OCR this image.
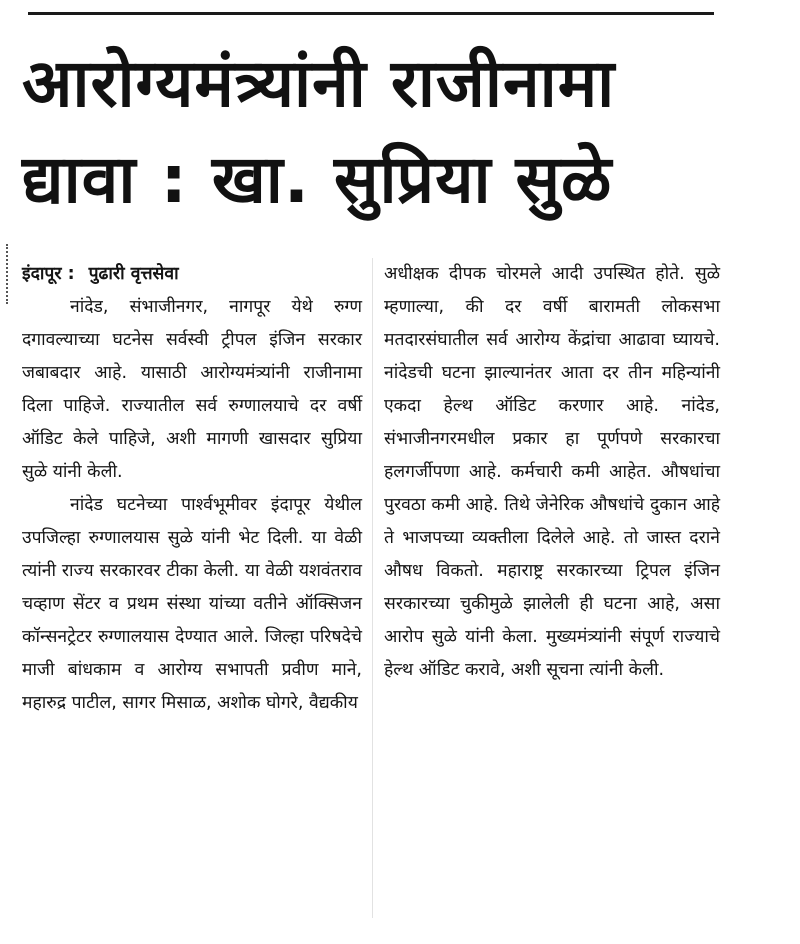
आरोग्यमंत्र्यांनी राजीनामा द्यावा : खा. सुप्रिया सुळे

इंदापूर : पुढारी वृत्तसेवा

नांदेड, संभाजीनगर, नागपूर येथे रुग्ण दगावल्याच्या घटनेस सर्वस्वी ट्रीपल इंजिन सरकार जबाबदार आहे. यासाठी आरोग्यमंत्र्यांनी राजीनामा दिला पाहिजे. राज्यातील सर्व रुग्णालयाचे दर वर्षी ऑडिट केले पाहिजे, अशी मागणी खासदार सुप्रिया सुळे यांनी केली.

नांदेड घटनेच्या पार्श्वभूमीवर इंदापूर येथील उपजिल्हा रुग्णालयास सुळे यांनी भेट दिली. या वेळी त्यांनी राज्य सरकारवर टीका केली. या वेळी यशवंतराव चव्हाण सेंटर व प्रथम संस्था यांच्या वतीने ऑक्सिजन कॉन्सनट्रेटर रुग्णालयास देण्यात आले. जिल्हा परिषदेचे माजी बांधकाम व आरोग्य सभापती प्रवीण माने, महारुद्र पाटील, सागर मिसाळ, अशोक घोगरे, वैद्यकीय

अधीक्षक दीपक चोरमले आदी उपस्थित होते. सुळे म्हणाल्या, की दर वर्षी बारामती लोकसभा मतदारसंघातील सर्व आरोग्य केंद्रांचा आढावा घ्यायचे. नांदेडची घटना झाल्यानंतर आता दर तीन महिन्यांनी एकदा हेल्थ ऑडिट करणार आहे. नांदेड, संभाजीनगरमधील प्रकार हा पूर्णपणे सरकारचा हलगर्जीपणा आहे. कर्मचारी कमी आहेत. औषधांचा पुरवठा कमी आहे. तिथे जेनेरिक औषधांचे दुकान आहे ते भाजपच्या व्यक्तीला दिलेले आहे. तो जास्त दराने औषध विकतो. महाराष्ट्र सरकारच्या ट्रिपल इंजिन सरकारच्या चुकीमुळे झालेली ही घटना आहे, असा आरोप सुळे यांनी केला. मुख्यमंत्र्यांनी संपूर्ण राज्याचे हेल्थ ऑडिट करावे, अशी सूचना त्यांनी केली.
